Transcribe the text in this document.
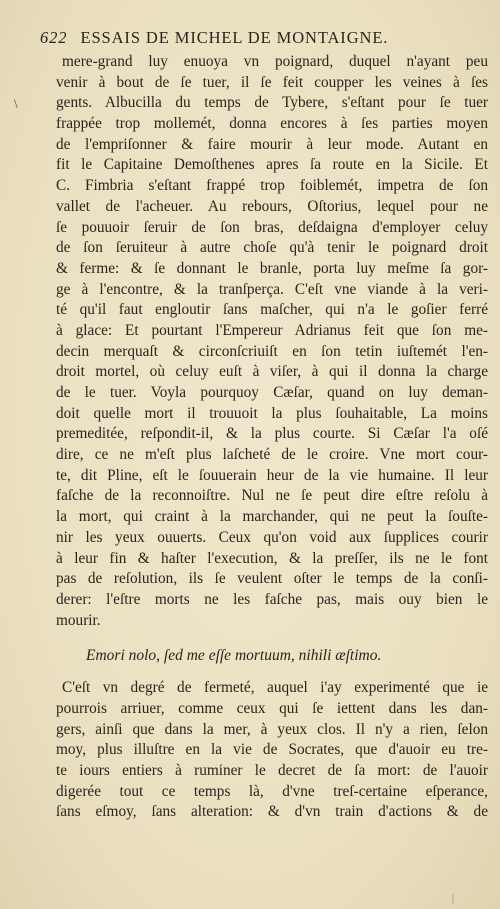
622 ESSAIS DE MICHEL DE MONTAIGNE.
\
mere-grand luy enuoya vn poignard, duquel n'ayant peu
venir à bout de ſe tuer, il ſe feit coupper les veines à ſes
gents. Albucilla du temps de Tybere, s'eſtant pour ſe tuer
frappée trop mollemét, donna encores à ſes parties moyen
de l'empriſonner & faire mourir à leur mode. Autant en
fit le Capitaine Demoſthenes apres ſa route en la Sicile. Et
C. Fimbria s'eſtant frappé trop foiblemét, impetra de ſon
vallet de l'acheuer. Au rebours, Oſtorius, lequel pour ne
ſe pouuoir ſeruir de ſon bras, deſdaigna d'employer celuy
de ſon ſeruiteur à autre choſe qu'à tenir le poignard droit
& ferme: & ſe donnant le branle, porta luy meſme ſa gor-
ge à l'encontre, & la tranſperça. C'eſt vne viande à la veri-
té qu'il faut engloutir ſans maſcher, qui n'a le goſier ferré
à glace: Et pourtant l'Empereur Adrianus feit que ſon me-
decin merquaſt & circonſcriuiſt en ſon tetin iuſtemét l'en-
droit mortel, où celuy euſt à viſer, à qui il donna la charge
de le tuer. Voyla pourquoy Cæſar, quand on luy deman-
doit quelle mort il trouuoit la plus ſouhaitable, La moins
premeditée, reſpondit-il, & la plus courte. Si Cæſar l'a oſé
dire, ce ne m'eſt plus laſcheté de le croire. Vne mort cour-
te, dit Pline, eſt le ſouuerain heur de la vie humaine. Il leur
faſche de la reconnoiſtre. Nul ne ſe peut dire eſtre reſolu à
la mort, qui craint à la marchander, qui ne peut la ſouſte-
nir les yeux ouuerts. Ceux qu'on void aux ſupplices courir
à leur fin & haſter l'execution, & la preſſer, ils ne le font
pas de reſolution, ils ſe veulent oſter le temps de la conſi-
derer: l'eſtre morts ne les faſche pas, mais ouy bien le
mourir.
Emori nolo, ſed me eſſe mortuum, nihili æſtimo.
C'eſt vn degré de fermeté, auquel i'ay experimenté que ie
pourrois arriuer, comme ceux qui ſe iettent dans les dan-
gers, ainſi que dans la mer, à yeux clos. Il n'y a rien, ſelon
moy, plus illuſtre en la vie de Socrates, que d'auoir eu tre-
te iours entiers à ruminer le decret de ſa mort: de l'auoir
digerée tout ce temps là, d'vne treſ-certaine eſperance,
ſans eſmoy, ſans alteration: & d'vn train d'actions & de
|
